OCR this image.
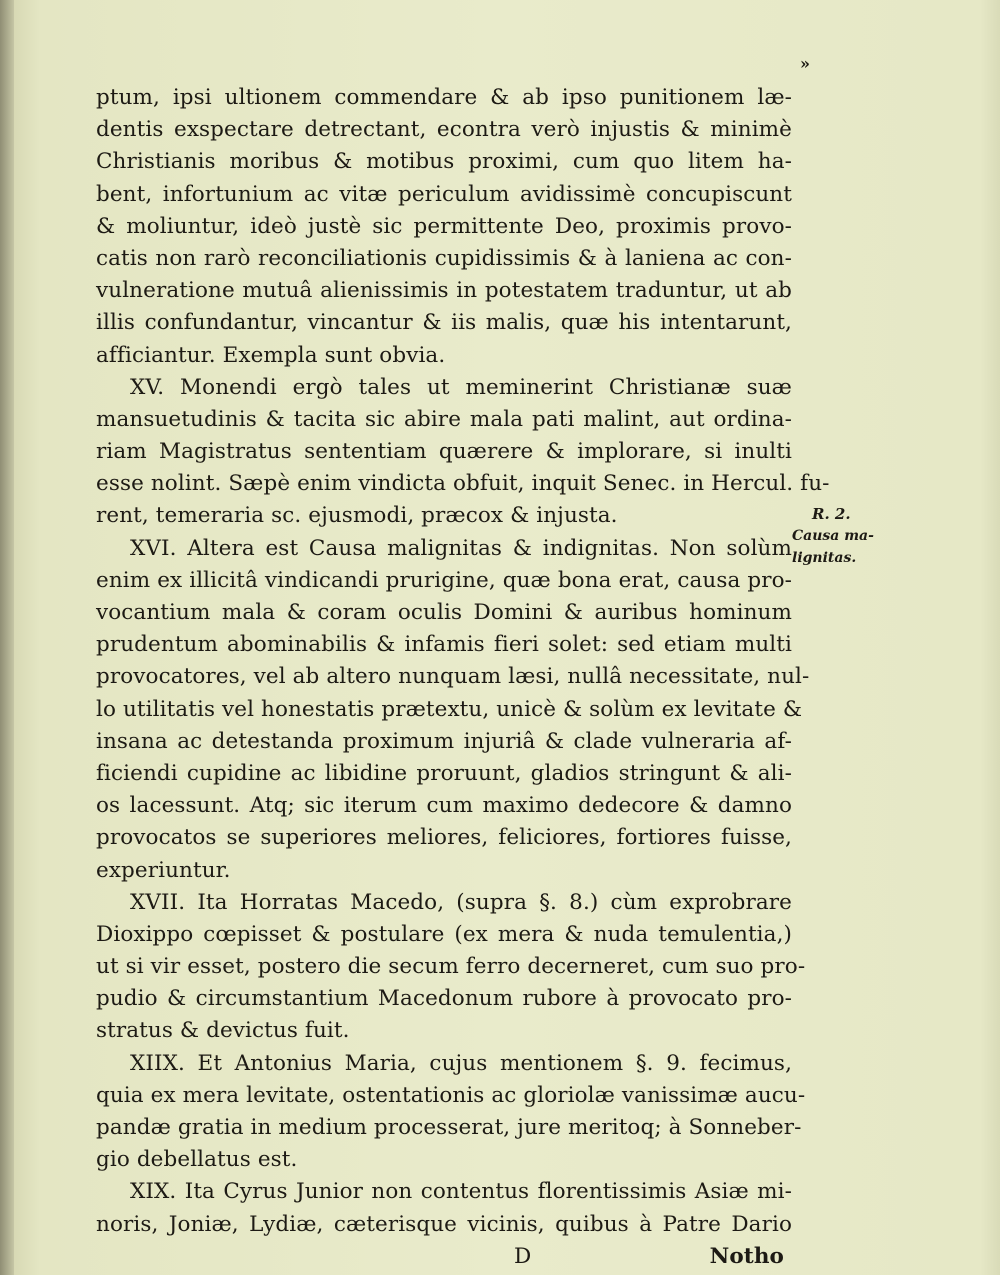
»
ptum, ipsi ultionem commendare & ab ipso punitionem læ-
dentis exspectare detrectant, econtra verò injustis & minimè
Christianis moribus & motibus proximi, cum quo litem ha-
bent, infortunium ac vitæ periculum avidissimè concupiscunt
& moliuntur, ideò justè sic permittente Deo, proximis provo-
catis non rarò reconciliationis cupidissimis & à laniena ac con-
vulneratione mutuâ alienissimis in potestatem traduntur, ut ab
illis confundantur, vincantur & iis malis, quæ his intentarunt,
afficiantur. Exempla sunt obvia.
XV. Monendi ergò tales ut meminerint Christianæ suæ
mansuetudinis & tacita sic abire mala pati malint, aut ordina-
riam Magistratus sententiam quærere & implorare, si inulti
esse nolint. Sæpè enim vindicta obfuit, inquit Senec. in Hercul. fu-
rent, temeraria sc. ejusmodi, præcox & injusta.
XVI. Altera est Causa malignitas & indignitas. Non solùm
enim ex illicitâ vindicandi prurigine, quæ bona erat, causa pro-
vocantium mala & coram oculis Domini & auribus hominum
prudentum abominabilis & infamis fieri solet: sed etiam multi
provocatores, vel ab altero nunquam læsi, nullâ necessitate, nul-
lo utilitatis vel honestatis prætextu, unicè & solùm ex levitate &
insana ac detestanda proximum injuriâ & clade vulneraria af-
ficiendi cupidine ac libidine proruunt, gladios stringunt & ali-
os lacessunt. Atq; sic iterum cum maximo dedecore & damno
provocatos se superiores meliores, feliciores, fortiores fuisse,
experiuntur.
XVII. Ita Horratas Macedo, (supra §. 8.) cùm exprobrare
Dioxippo cœpisset & postulare (ex mera & nuda temulentia,)
ut si vir esset, postero die secum ferro decerneret, cum suo pro-
pudio & circumstantium Macedonum rubore à provocato pro-
stratus & devictus fuit.
XIIX. Et Antonius Maria, cujus mentionem §. 9. fecimus,
quia ex mera levitate, ostentationis ac gloriolæ vanissimæ aucu-
pandæ gratia in medium processerat, jure meritoq; à Sonneber-
gio debellatus est.
XIX. Ita Cyrus Junior non contentus florentissimis Asiæ mi-
noris, Joniæ, Lydiæ, cæterisque vicinis, quibus à Patre Dario
D	Notho
R. 2.
Causa ma-
lignitas.
